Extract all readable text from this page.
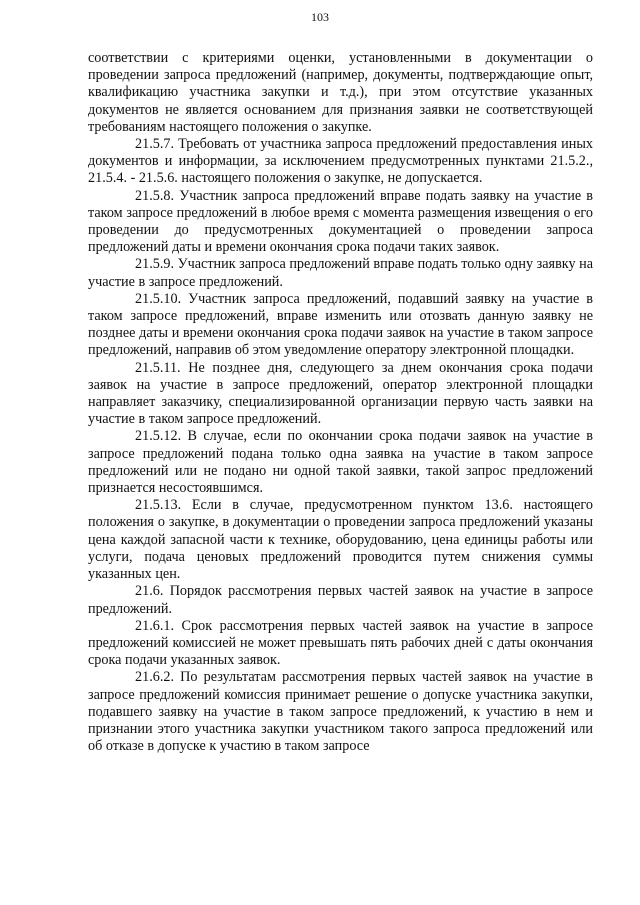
103

соответствии с критериями оценки, установленными в документации о проведении запроса предложений (например, документы, подтверждающие опыт, квалификацию участника закупки и т.д.), при этом отсутствие указанных документов не является основанием для признания заявки не соответствующей требованиям настоящего положения о закупке.

21.5.7. Требовать от участника запроса предложений предоставления иных документов и информации, за исключением предусмотренных пунктами 21.5.2., 21.5.4. - 21.5.6. настоящего положения о закупке, не допускается.

21.5.8. Участник запроса предложений вправе подать заявку на участие в таком запросе предложений в любое время с момента размещения извещения о его проведении до предусмотренных документацией о проведении запроса предложений даты и времени окончания срока подачи таких заявок.

21.5.9. Участник запроса предложений вправе подать только одну заявку на участие в запросе предложений.

21.5.10. Участник запроса предложений, подавший заявку на участие в таком запросе предложений, вправе изменить или отозвать данную заявку не позднее даты и времени окончания срока подачи заявок на участие в таком запросе предложений, направив об этом уведомление оператору электронной площадки.

21.5.11. Не позднее дня, следующего за днем окончания срока подачи заявок на участие в запросе предложений, оператор электронной площадки направляет заказчику, специализированной организации первую часть заявки на участие в таком запросе предложений.

21.5.12. В случае, если по окончании срока подачи заявок на участие в запросе предложений подана только одна заявка на участие в таком запросе предложений или не подано ни одной такой заявки, такой запрос предложений признается несостоявшимся.

21.5.13. Если в случае, предусмотренном пунктом 13.6. настоящего положения о закупке, в документации о проведении запроса предложений указаны цена каждой запасной части к технике, оборудованию, цена единицы работы или услуги, подача ценовых предложений проводится путем снижения суммы указанных цен.

21.6. Порядок рассмотрения первых частей заявок на участие в запросе предложений.

21.6.1. Срок рассмотрения первых частей заявок на участие в запросе предложений комиссией не может превышать пять рабочих дней с даты окончания срока подачи указанных заявок.

21.6.2. По результатам рассмотрения первых частей заявок на участие в запросе предложений комиссия принимает решение о допуске участника закупки, подавшего заявку на участие в таком запросе предложений, к участию в нем и признании этого участника закупки участником такого запроса предложений или об отказе в допуске к участию в таком запросе
